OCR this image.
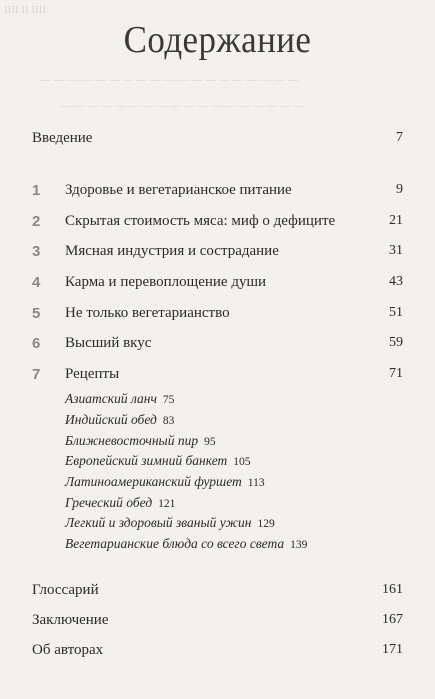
ІІІІ ІІ ІІІІ
— — — — — — — — — — — — — — — — — — —
— — — — — — — — — — — — — — — — — —
Содержание
Введение	7
1 Здоровье и вегетарианское питание	9
2 Скрытая стоимость мяса: миф о дефиците	21
3 Мясная индустрия и сострадание	31
4 Карма и перевоплощение души	43
5 Не только вегетарианство	51
6 Высший вкус	59
7 Рецепты	71
Азиатский ланч 75
Индийский обед 83
Ближневосточный пир 95
Европейский зимний банкет 105
Латиноамериканский фуршет 113
Греческий обед 121
Легкий и здоровый званый ужин 129
Вегетарианские блюда со всего света 139
Глоссарий	161
Заключение	167
Об авторах	171
